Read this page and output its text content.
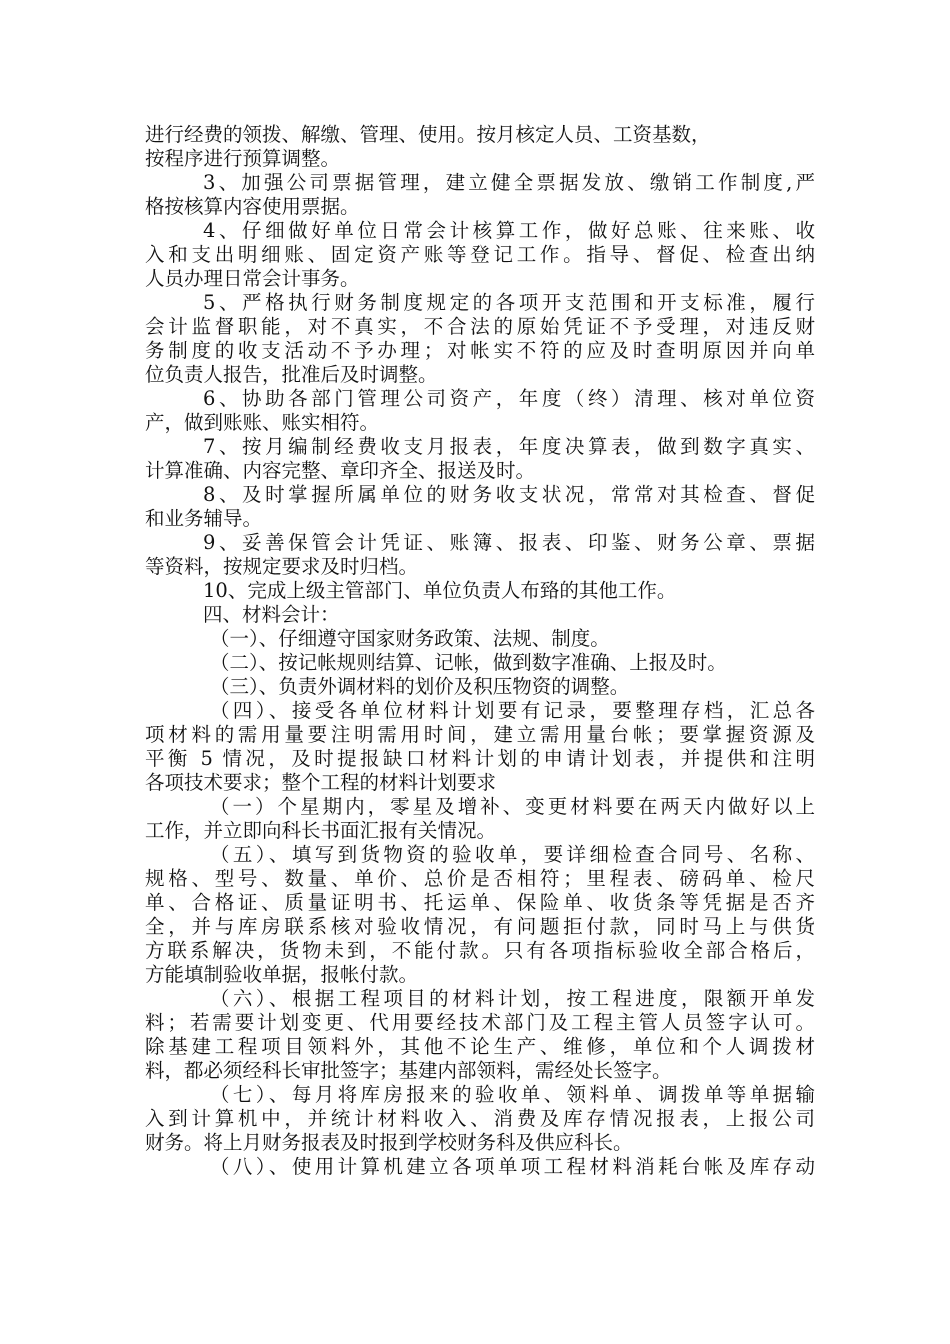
进行经费的领拨、解缴、管理、使用。按月核定人员、工资基数，
按程序进行预算调整。
3、加强公司票据管理，建立健全票据发放、缴销工作制度,严
格按核算内容使用票据。
4、仔细做好单位日常会计核算工作，做好总账、往来账、收
入和支出明细账、固定资产账等登记工作。指导、督促、检查出纳
人员办理日常会计事务。
5、严格执行财务制度规定的各项开支范围和开支标准，履行
会计监督职能，对不真实，不合法的原始凭证不予受理，对违反财
务制度的收支活动不予办理；对帐实不符的应及时查明原因并向单
位负责人报告，批准后及时调整。
6、协助各部门管理公司资产，年度（终）清理、核对单位资
产，做到账账、账实相符。
7、按月编制经费收支月报表，年度决算表，做到数字真实、
计算准确、内容完整、章印齐全、报送及时。
8、及时掌握所属单位的财务收支状况，常常对其检查、督促
和业务辅导。
9、妥善保管会计凭证、账簿、报表、印鉴、财务公章、票据
等资料，按规定要求及时归档。
10、完成上级主管部门、单位负责人布臵的其他工作。
四、材料会计：
（一）、仔细遵守国家财务政策、法规、制度。
（二）、按记帐规则结算、记帐，做到数字准确、上报及时。
（三）、负责外调材料的划价及积压物资的调整。
（四）、接受各单位材料计划要有记录，要整理存档，汇总各
项材料的需用量要注明需用时间，建立需用量台帐；要掌握资源及
平衡 5 情况，及时提报缺口材料计划的申请计划表，并提供和注明
各项技术要求；整个工程的材料计划要求
（一）个星期内，零星及增补、变更材料要在两天内做好以上
工作，并立即向科长书面汇报有关情况。
（五）、填写到货物资的验收单，要详细检查合同号、名称、
规格、型号、数量、单价、总价是否相符；里程表、磅码单、检尺
单、合格证、质量证明书、托运单、保险单、收货条等凭据是否齐
全，并与库房联系核对验收情况，有问题拒付款，同时马上与供货
方联系解决，货物未到，不能付款。只有各项指标验收全部合格后，
方能填制验收单据，报帐付款。
（六）、根据工程项目的材料计划，按工程进度，限额开单发
料；若需要计划变更、代用要经技术部门及工程主管人员签字认可。
除基建工程项目领料外，其他不论生产、维修，单位和个人调拨材
料，都必须经科长审批签字；基建内部领料，需经处长签字。
（七）、每月将库房报来的验收单、领料单、调拨单等单据输
入到计算机中，并统计材料收入、消费及库存情况报表，上报公司
财务。将上月财务报表及时报到学校财务科及供应科长。
（八）、使用计算机建立各项单项工程材料消耗台帐及库存动
